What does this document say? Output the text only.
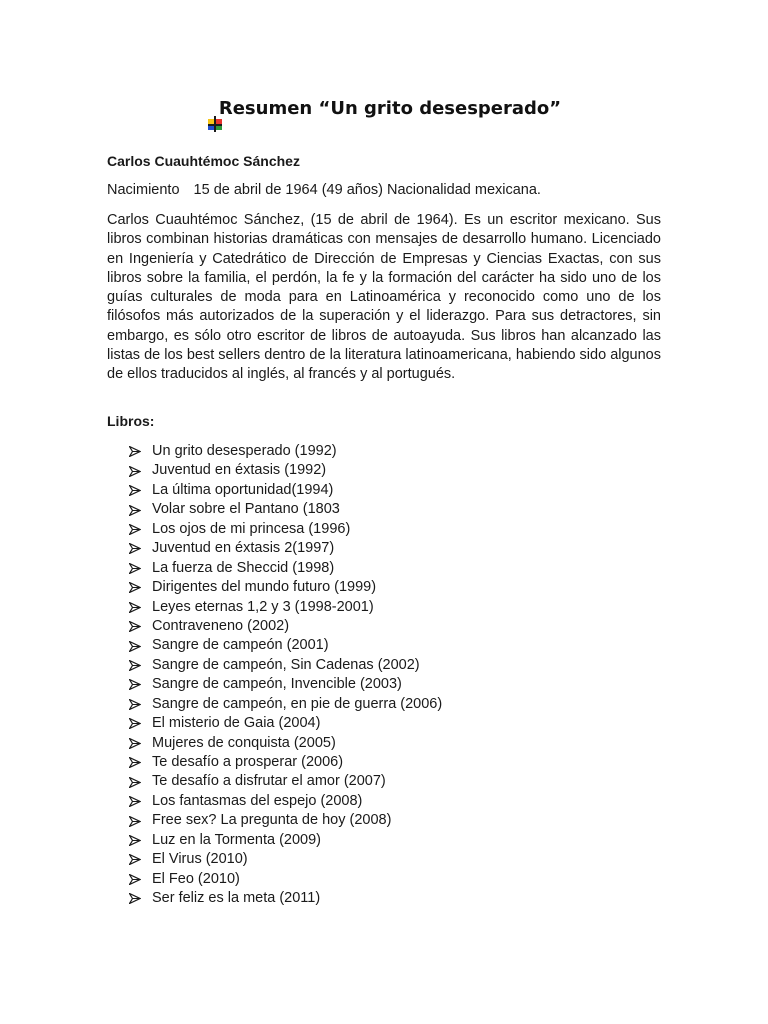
Resumen “Un grito desesperado”
Carlos Cuauhtémoc Sánchez
Nacimiento 15 de abril de 1964 (49 años) Nacionalidad mexicana.

Carlos Cuauhtémoc Sánchez, (15 de abril de 1964). Es un escritor mexicano. Sus libros combinan historias dramáticas con mensajes de desarrollo humano. Licenciado en Ingeniería y Catedrático de Dirección de Empresas y Ciencias Exactas, con sus libros sobre la familia, el perdón, la fe y la formación del carácter ha sido uno de los guías culturales de moda para en Latinoamérica y reconocido como uno de los filósofos más autorizados de la superación y el liderazgo. Para sus detractores, sin embargo, es sólo otro escritor de libros de autoayuda. Sus libros han alcanzado las listas de los best sellers dentro de la literatura latinoamericana, habiendo sido algunos de ellos traducidos al inglés, al francés y al portugués.

Libros:
Un grito desesperado (1992)
Juventud en éxtasis (1992)
La última oportunidad(1994)
Volar sobre el Pantano (1803
Los ojos de mi princesa (1996)
Juventud en éxtasis 2(1997)
La fuerza de Sheccid (1998)
Dirigentes del mundo futuro (1999)
Leyes eternas 1,2 y 3 (1998-2001)
Contraveneno (2002)
Sangre de campeón (2001)
Sangre de campeón, Sin Cadenas (2002)
Sangre de campeón, Invencible (2003)
Sangre de campeón, en pie de guerra (2006)
El misterio de Gaia (2004)
Mujeres de conquista (2005)
Te desafío a prosperar (2006)
Te desafío a disfrutar el amor (2007)
Los fantasmas del espejo (2008)
Free sex? La pregunta de hoy (2008)
Luz en la Tormenta (2009)
El Virus (2010)
El Feo (2010)
Ser feliz es la meta (2011)
